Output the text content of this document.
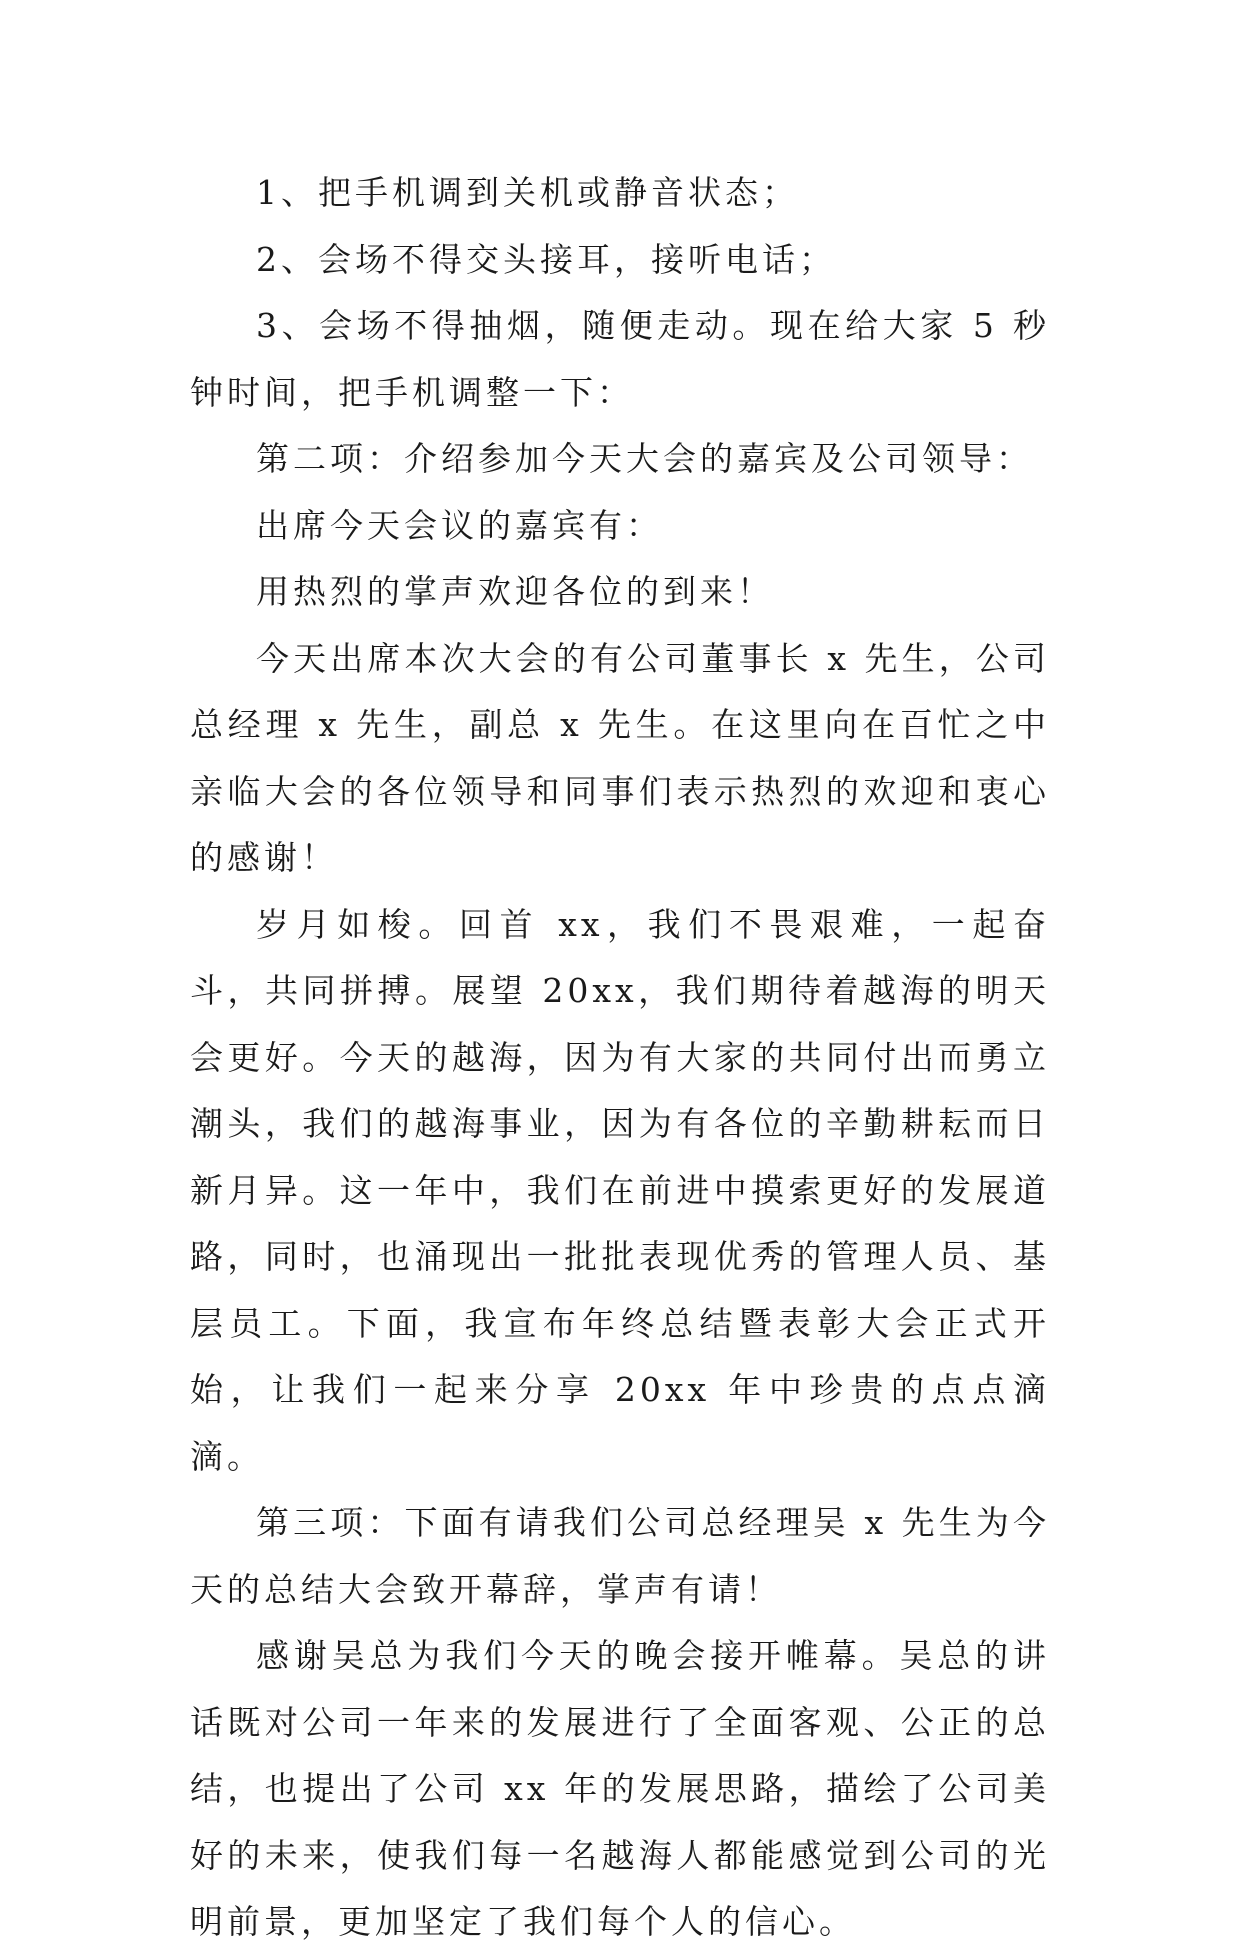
1、把手机调到关机或静音状态；

2、会场不得交头接耳，接听电话；

3、会场不得抽烟，随便走动。现在给大家 5 秒钟时间，把手机调整一下：

第二项：介绍参加今天大会的嘉宾及公司领导：

出席今天会议的嘉宾有：

用热烈的掌声欢迎各位的到来！

今天出席本次大会的有公司董事长 x 先生，公司总经理 x 先生，副总 x 先生。在这里向在百忙之中亲临大会的各位领导和同事们表示热烈的欢迎和衷心的感谢！

岁月如梭。回首 xx，我们不畏艰难，一起奋斗，共同拼搏。展望 20xx，我们期待着越海的明天会更好。今天的越海，因为有大家的共同付出而勇立潮头，我们的越海事业，因为有各位的辛勤耕耘而日新月异。这一年中，我们在前进中摸索更好的发展道路，同时，也涌现出一批批表现优秀的管理人员、基层员工。下面，我宣布年终总结暨表彰大会正式开始，让我们一起来分享 20xx 年中珍贵的点点滴滴。

第三项：下面有请我们公司总经理吴 x 先生为今天的总结大会致开幕辞，掌声有请！

感谢吴总为我们今天的晚会接开帷幕。吴总的讲话既对公司一年来的发展进行了全面客观、公正的总结，也提出了公司 xx 年的发展思路，描绘了公司美好的未来，使我们每一名越海人都能感觉到公司的光明前景，更加坚定了我们每个人的信心。
